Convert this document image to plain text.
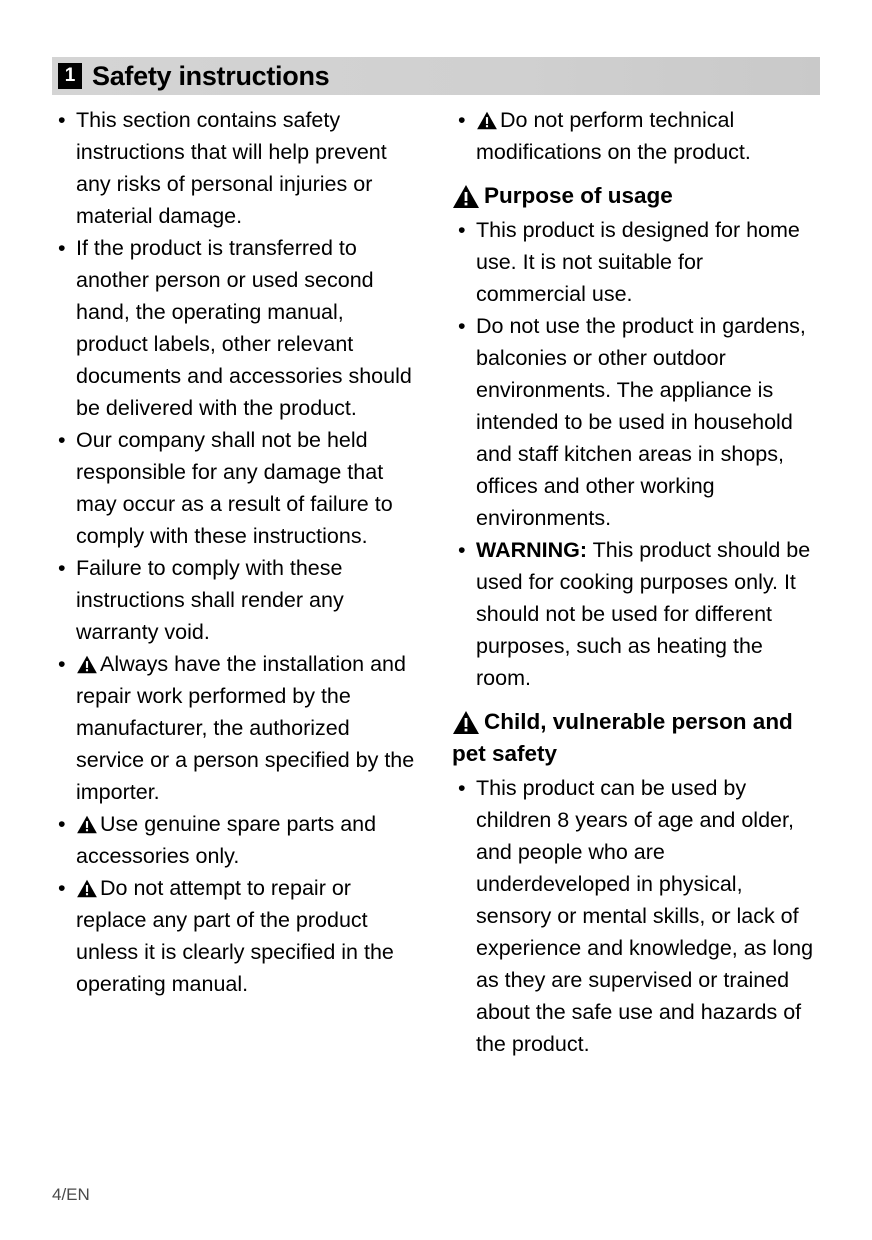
1 Safety instructions
• This section contains safety instructions that will help prevent any risks of personal injuries or material damage.
• If the product is transferred to another person or used second hand, the operating manual, product labels, other relevant documents and accessories should be delivered with the product.
• Our company shall not be held responsible for any damage that may occur as a result of failure to comply with these instructions.
• Failure to comply with these instructions shall render any warranty void.
• Always have the installation and repair work performed by the manufacturer, the authorized service or a person specified by the importer.
• Use genuine spare parts and accessories only.
• Do not attempt to repair or replace any part of the product unless it is clearly specified in the operating manual.
• Do not perform technical modifications on the product.
Purpose of usage
• This product is designed for home use. It is not suitable for commercial use.
• Do not use the product in gardens, balconies or other outdoor environments. The appliance is intended to be used in household and staff kitchen areas in shops, offices and other working environments.
• WARNING: This product should be used for cooking purposes only. It should not be used for different purposes, such as heating the room.
Child, vulnerable person and pet safety
• This product can be used by children 8 years of age and older, and people who are underdeveloped in physical, sensory or mental skills, or lack of experience and knowledge, as long as they are supervised or trained about the safe use and hazards of the product.
4/EN
